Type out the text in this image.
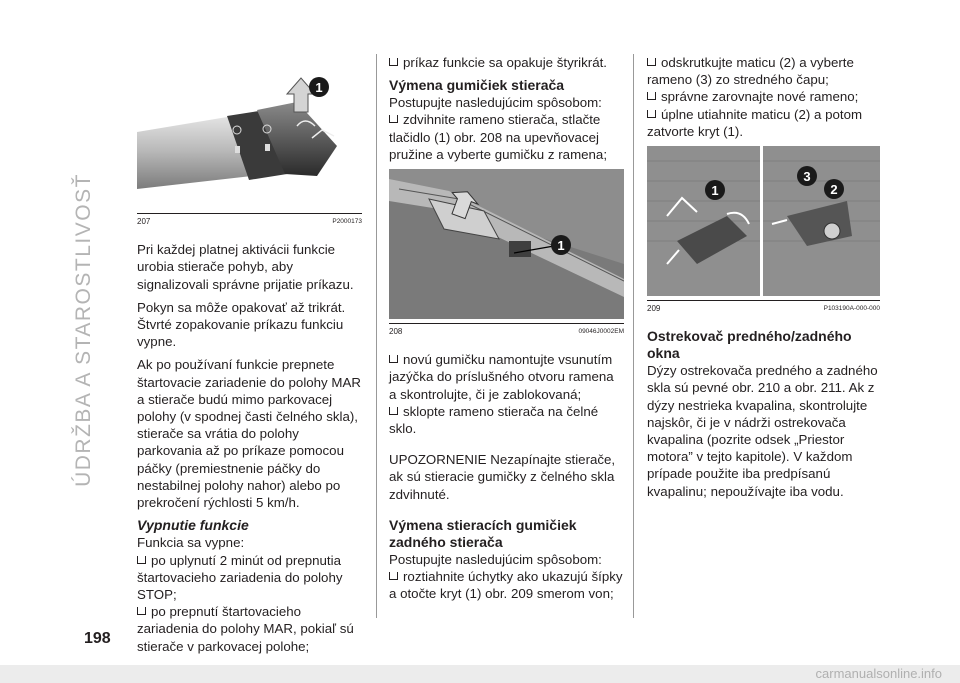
ÚDRŽBA A STAROSTLIVOSŤ
198
1
207	P2000173

Pri každej platnej aktivácii funkcie urobia stierače pohyb, aby signalizovali správne prijatie príkazu.

Pokyn sa môže opakovať až trikrát. Štvrté zopakovanie príkazu funkciu vypne.

Ak po používaní funkcie prepnete štartovacie zariadenie do polohy MAR a stierače budú mimo parkovacej polohy (v spodnej časti čelného skla), stierače sa vrátia do polohy parkovania až po príkaze pomocou páčky (premiestnenie páčky do nestabilnej polohy nahor) alebo po prekročení rýchlosti 5 km/h.

Vypnutie funkcie

Funkcia sa vypne:

po uplynutí 2 minút od prepnutia štartovacieho zariadenia do polohy STOP;

po prepnutí štartovacieho zariadenia do polohy MAR, pokiaľ sú stierače v parkovacej polohe;

príkaz funkcie sa opakuje štyrikrát.

Výmena gumičiek stierača

Postupujte nasledujúcim spôsobom:

zdvihnite rameno stierača, stlačte tlačidlo (1) obr. 208 na upevňovacej pružine a vyberte gumičku z ramena;

1
208	09046J0002EM

novú gumičku namontujte vsunutím jazýčka do príslušného otvoru ramena a skontrolujte, či je zablokovaná;

sklopte rameno stierača na čelné sklo.

UPOZORNENIE Nezapínajte stierače, ak sú stieracie gumičky z čelného skla zdvihnuté.

Výmena stieracích gumičiek zadného stierača

Postupujte nasledujúcim spôsobom:

roztiahnite úchytky ako ukazujú šípky a otočte kryt (1) obr. 209 smerom von;

odskrutkujte maticu (2) a vyberte rameno (3) zo stredného čapu;

správne zarovnajte nové rameno;

úplne utiahnite maticu (2) a potom zatvorte kryt (1).

1
3
2
209	P103190A-000-000

Ostrekovač predného/zadného okna

Dýzy ostrekovača predného a zadného skla sú pevné obr. 210 a obr. 211. Ak z dýzy nestrieka kvapalina, skontrolujte najskôr, či je v nádrži ostrekovača kvapalina (pozrite odsek „Priestor motora” v tejto kapitole). V každom prípade použite iba predpísanú kvapalinu; nepoužívajte iba vodu.

carmanualsonline.info
